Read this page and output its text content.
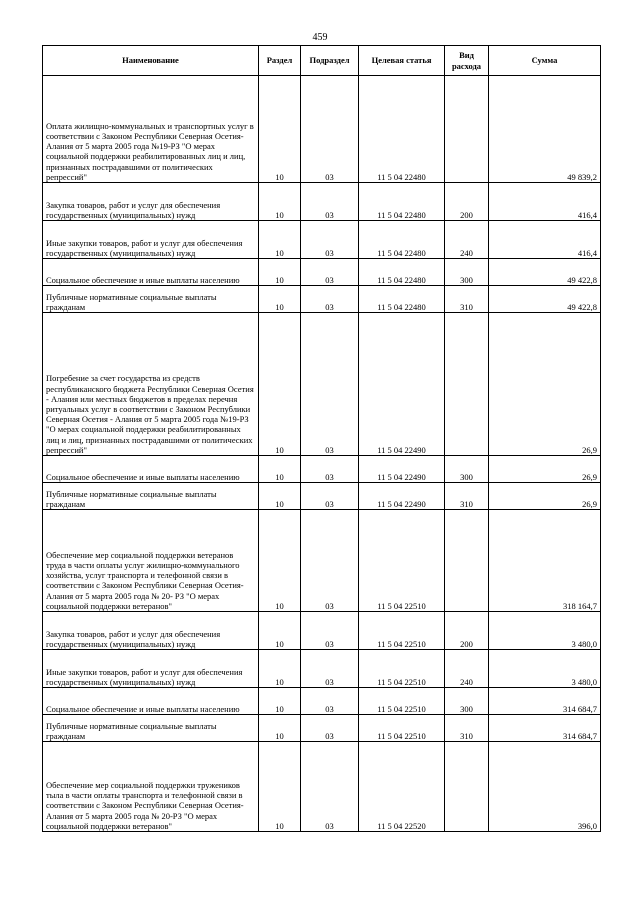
459
Наименование	Раздел	Подраздел	Целевая статья	Вид расхода	Сумма
Оплата жилищно-коммунальных и транспортных услуг в соответствии с Законом Республики Северная Осетия-Алания от 5 марта 2005 года №19-РЗ "О мерах социальной поддержки реабилитированных лиц и лиц, признанных пострадавшими от политических репрессий"	10	03	11 5 04 22480		49 839,2
Закупка товаров, работ и услуг для обеспечения государственных (муниципальных) нужд	10	03	11 5 04 22480	200	416,4
Иные закупки товаров, работ и услуг для обеспечения государственных (муниципальных) нужд	10	03	11 5 04 22480	240	416,4
Социальное обеспечение и иные выплаты населению	10	03	11 5 04 22480	300	49 422,8
Публичные нормативные социальные выплаты гражданам	10	03	11 5 04 22480	310	49 422,8
Погребение за счет государства из средств республиканского бюджета Республики Северная Осетия - Алания или местных бюджетов в пределах перечня ритуальных услуг в соответствии с Законом Республики Северная Осетия - Алания от 5 марта 2005 года №19-РЗ "О мерах социальной поддержки реабилитированных лиц и лиц, признанных пострадавшими от политических репрессий"	10	03	11 5 04 22490		26,9
Социальное обеспечение и иные выплаты населению	10	03	11 5 04 22490	300	26,9
Публичные нормативные социальные выплаты гражданам	10	03	11 5 04 22490	310	26,9
Обеспечение мер социальной поддержки ветеранов труда в части оплаты услуг жилищно-коммунального хозяйства, услуг транспорта и телефонной связи в соответствии с Законом Республики Северная Осетия-Алания от 5 марта 2005 года № 20- РЗ "О мерах социальной поддержки ветеранов"	10	03	11 5 04 22510		318 164,7
Закупка товаров, работ и услуг для обеспечения государственных (муниципальных) нужд	10	03	11 5 04 22510	200	3 480,0
Иные закупки товаров, работ и услуг для обеспечения государственных (муниципальных) нужд	10	03	11 5 04 22510	240	3 480,0
Социальное обеспечение и иные выплаты населению	10	03	11 5 04 22510	300	314 684,7
Публичные нормативные социальные выплаты гражданам	10	03	11 5 04 22510	310	314 684,7
Обеспечение мер социальной поддержки тружеников тыла в части оплаты транспорта и телефонной связи в соответствии с Законом Республики Северная Осетия-Алания от 5 марта 2005 года № 20-РЗ "О мерах социальной поддержки ветеранов"	10	03	11 5 04 22520		396,0
